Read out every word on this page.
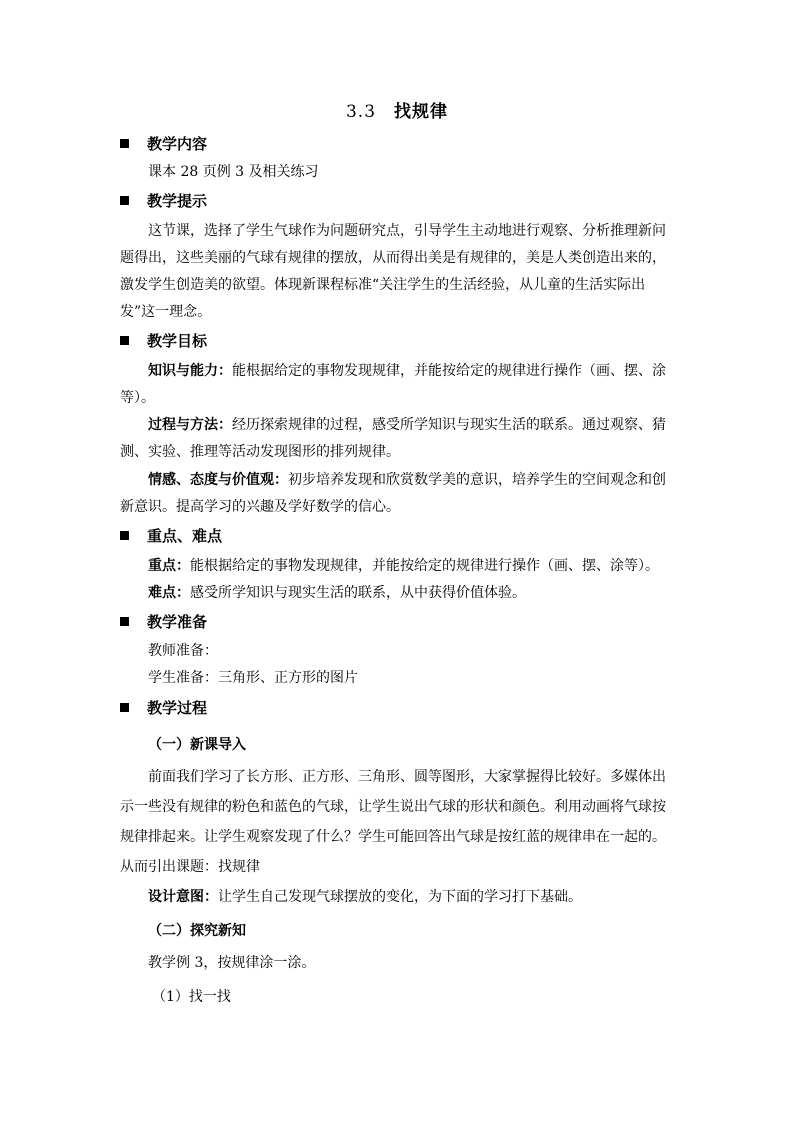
3.3 找规律
教学内容
课本 28 页例 3 及相关练习
教学提示
这节课，选择了学生气球作为问题研究点，引导学生主动地进行观察、分析推理新问题得出，这些美丽的气球有规律的摆放，从而得出美是有规律的，美是人类创造出来的，激发学生创造美的欲望。体现新课程标准“关注学生的生活经验，从儿童的生活实际出发”这一理念。
教学目标
知识与能力：能根据给定的事物发现规律，并能按给定的规律进行操作（画、摆、涂等）。
过程与方法：经历探索规律的过程，感受所学知识与现实生活的联系。通过观察、猜测、实验、推理等活动发现图形的排列规律。
情感、态度与价值观：初步培养发现和欣赏数学美的意识，培养学生的空间观念和创新意识。提高学习的兴趣及学好数学的信心。
重点、难点
重点：能根据给定的事物发现规律，并能按给定的规律进行操作（画、摆、涂等）。
难点：感受所学知识与现实生活的联系，从中获得价值体验。
教学准备
教师准备：
学生准备：三角形、正方形的图片
教学过程
（一）新课导入
前面我们学习了长方形、正方形、三角形、圆等图形，大家掌握得比较好。多媒体出示一些没有规律的粉色和蓝色的气球，让学生说出气球的形状和颜色。利用动画将气球按规律排起来。让学生观察发现了什么？学生可能回答出气球是按红蓝的规律串在一起的。从而引出课题：找规律
设计意图：让学生自己发现气球摆放的变化，为下面的学习打下基础。
（二）探究新知
教学例 3，按规律涂一涂。
（1）找一找
